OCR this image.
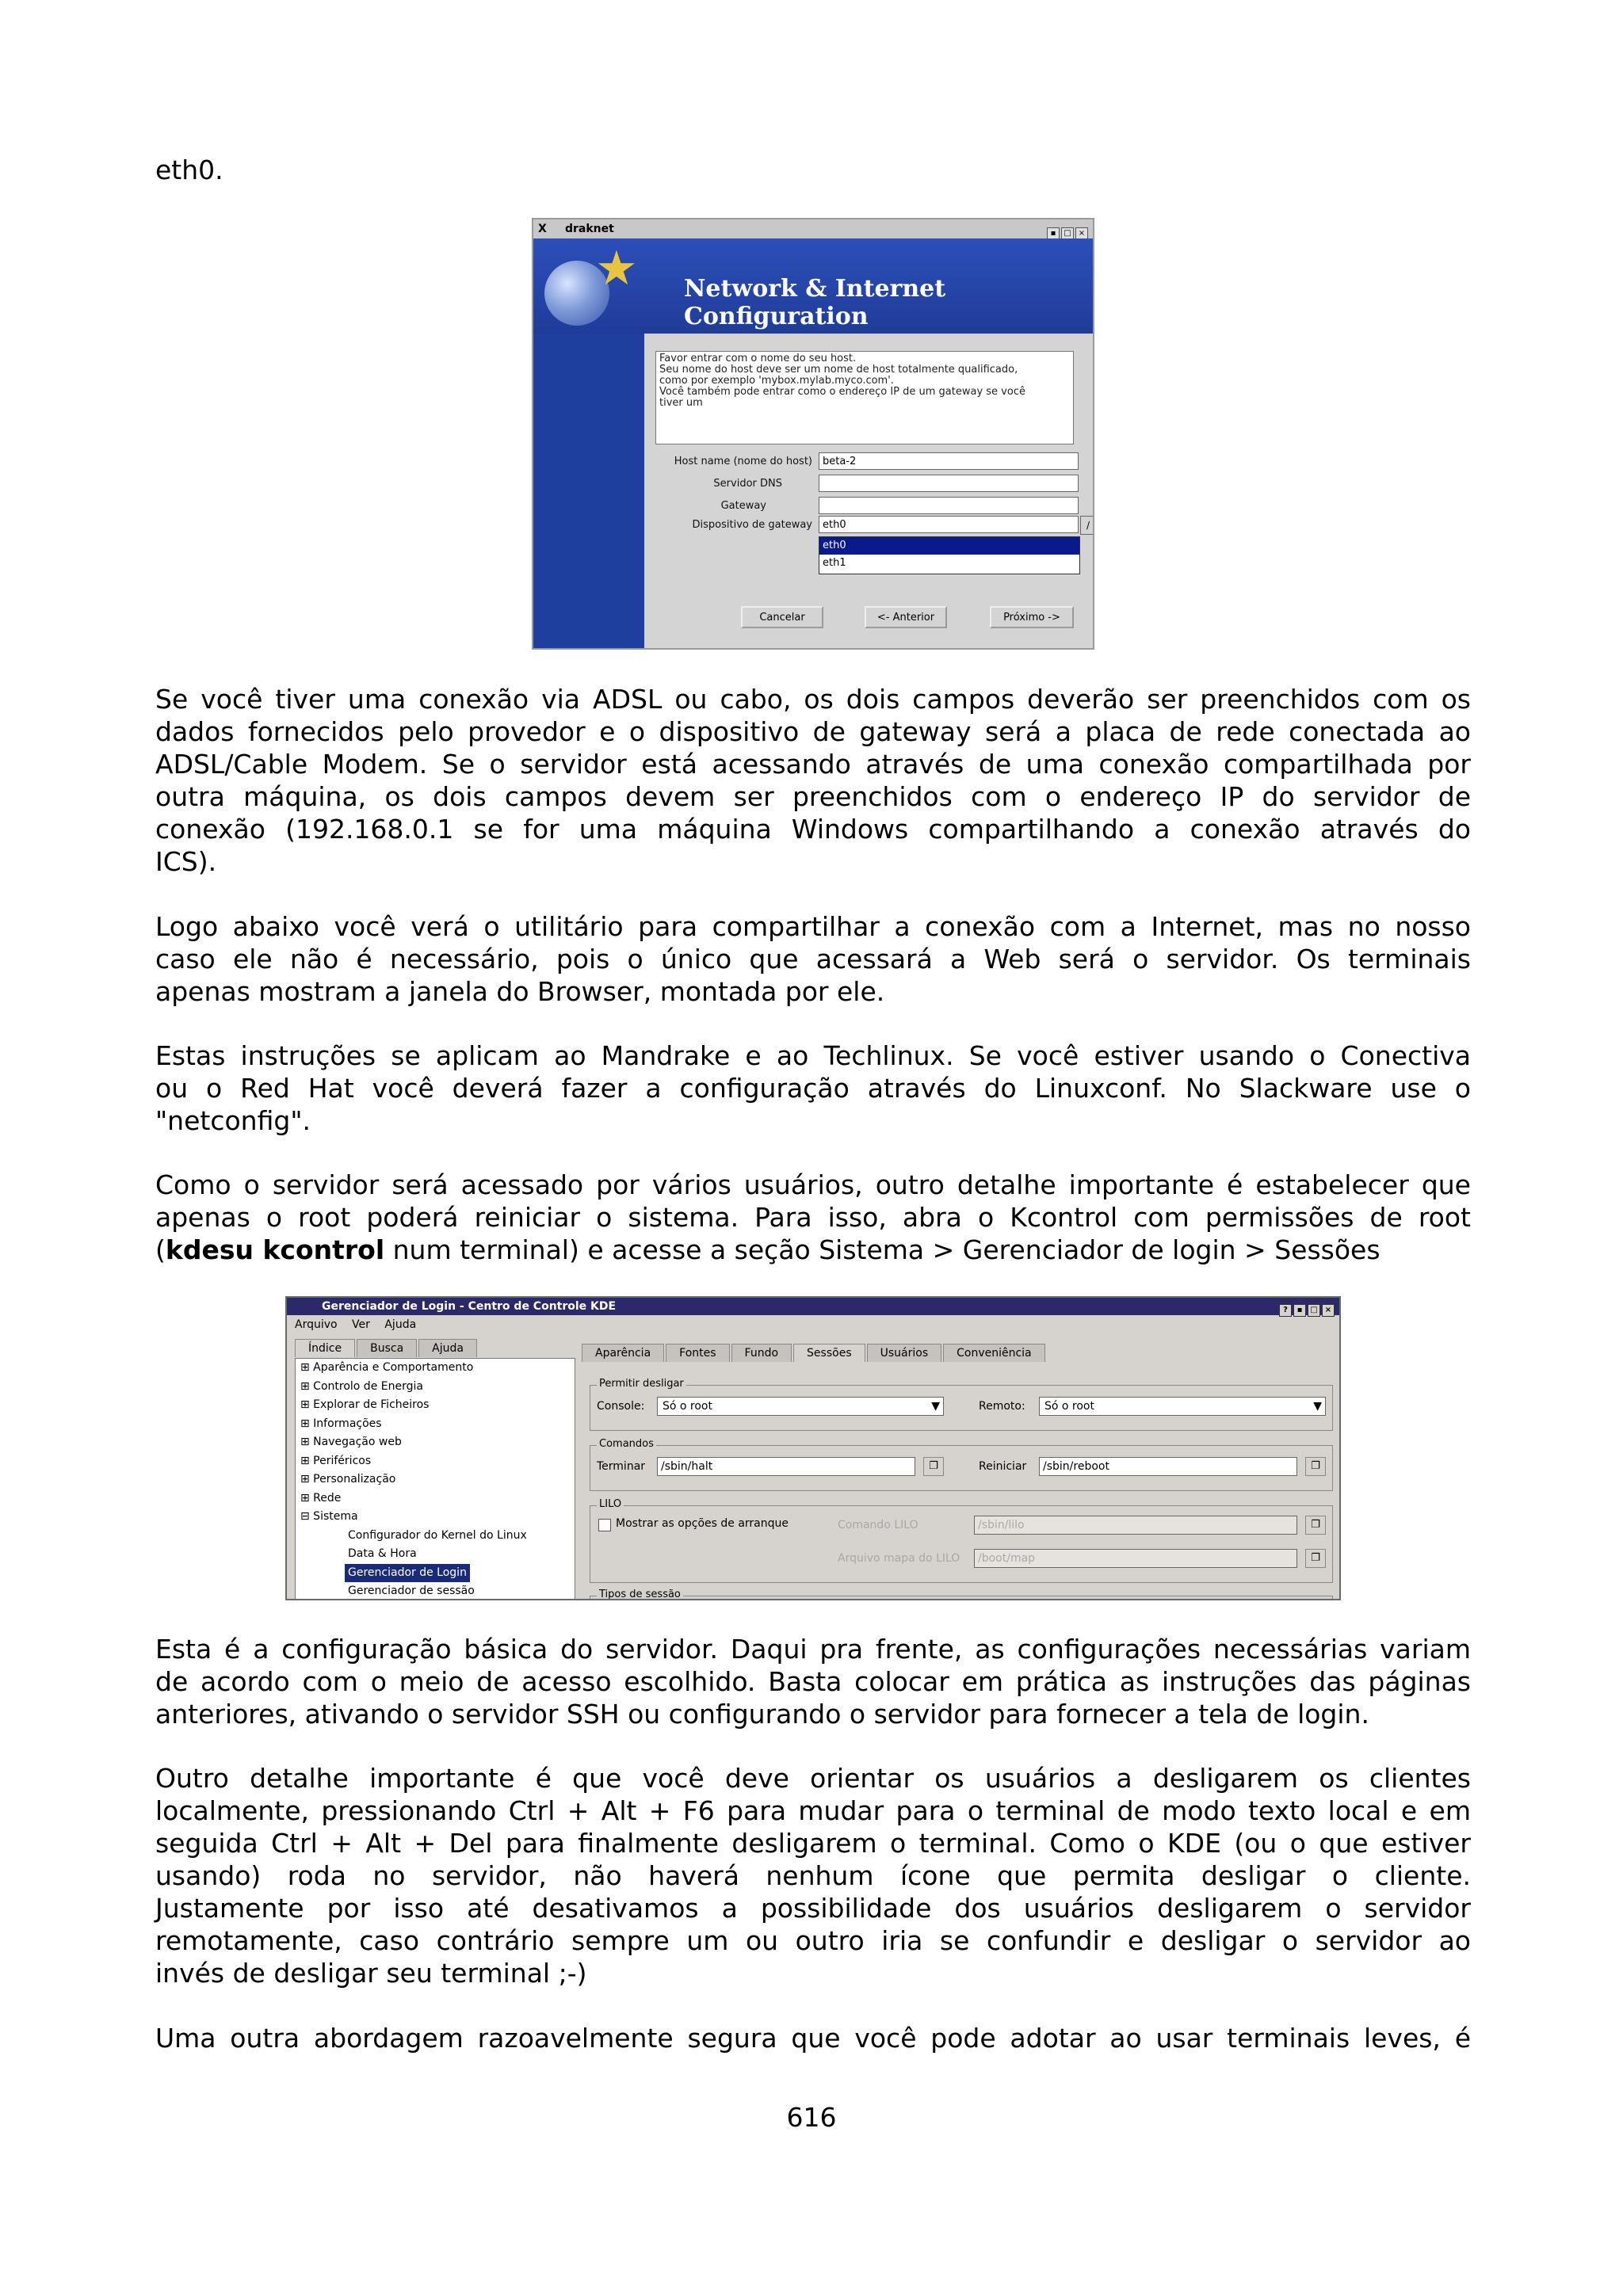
eth0.
X draknet	▪ □ ×
★ Network & Internet Configuration
Favor entrar com o nome do seu host.
Seu nome do host deve ser um nome de host totalmente qualificado,
como por exemplo 'mybox.mylab.myco.com'.
Você também pode entrar como o endereço IP de um gateway se você
tiver um
Host name (nome do host)	beta-2
Servidor DNS
Gateway
Dispositivo de gateway	eth0	/
eth0
eth1
Cancelar	<- Anterior	Próximo ->
Se você tiver uma conexão via ADSL ou cabo, os dois campos deverão ser preenchidos com os
dados fornecidos pelo provedor e o dispositivo de gateway será a placa de rede conectada ao
ADSL/Cable Modem. Se o servidor está acessando através de uma conexão compartilhada por
outra máquina, os dois campos devem ser preenchidos com o endereço IP do servidor de
conexão (192.168.0.1 se for uma máquina Windows compartilhando a conexão através do
ICS).
Logo abaixo você verá o utilitário para compartilhar a conexão com a Internet, mas no nosso
caso ele não é necessário, pois o único que acessará a Web será o servidor. Os terminais
apenas mostram a janela do Browser, montada por ele.
Estas instruções se aplicam ao Mandrake e ao Techlinux. Se você estiver usando o Conectiva
ou o Red Hat você deverá fazer a configuração através do Linuxconf. No Slackware use o
"netconfig".
Como o servidor será acessado por vários usuários, outro detalhe importante é estabelecer que
apenas o root poderá reiniciar o sistema. Para isso, abra o Kcontrol com permissões de root
(kdesu kcontrol num terminal) e acesse a seção Sistema > Gerenciador de login > Sessões
Gerenciador de Login - Centro de Controle KDE	? ▪ □ ×
Arquivo Ver Ajuda
Índice	Busca	Ajuda
⊞ Aparência e Comportamento
⊞ Controlo de Energia
⊞ Explorar de Ficheiros
⊞ Informações
⊞ Navegação web
⊞ Periféricos
⊞ Personalização
⊞ Rede
⊟ Sistema
Configurador do Kernel do Linux
Data & Hora
Gerenciador de Login
Gerenciador de sessão
Aparência	Fontes	Fundo	Sessões	Usuários	Conveniência
Permitir desligar
Console:	Só o root	▼	Remoto:	Só o root	▼
Comandos
Terminar	/sbin/halt	❐	Reiniciar	/sbin/reboot	❐
LILO
Mostrar as opções de arranque	Comando LILO	/sbin/lilo	❐
Arquivo mapa do LILO	/boot/map	❐
Tipos de sessão
Esta é a configuração básica do servidor. Daqui pra frente, as configurações necessárias variam
de acordo com o meio de acesso escolhido. Basta colocar em prática as instruções das páginas
anteriores, ativando o servidor SSH ou configurando o servidor para fornecer a tela de login.
Outro detalhe importante é que você deve orientar os usuários a desligarem os clientes
localmente, pressionando Ctrl + Alt + F6 para mudar para o terminal de modo texto local e em
seguida Ctrl + Alt + Del para finalmente desligarem o terminal. Como o KDE (ou o que estiver
usando) roda no servidor, não haverá nenhum ícone que permita desligar o cliente.
Justamente por isso até desativamos a possibilidade dos usuários desligarem o servidor
remotamente, caso contrário sempre um ou outro iria se confundir e desligar o servidor ao
invés de desligar seu terminal ;-)
Uma outra abordagem razoavelmente segura que você pode adotar ao usar terminais leves, é
616
